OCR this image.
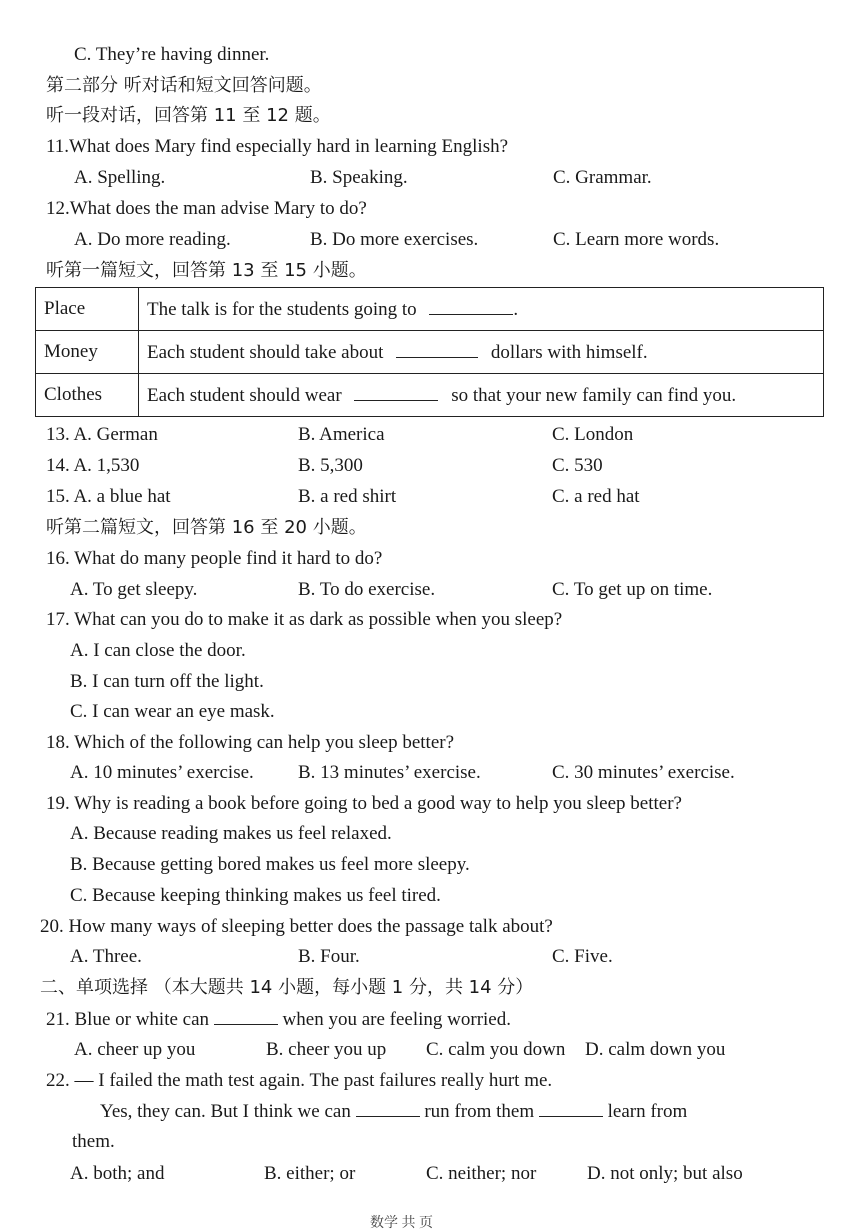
C. They’re having dinner.
第二部分 听对话和短文回答问题。
听一段对话，回答第 11 至 12 题。
11.What does Mary find especially hard in learning English?
A. Spelling.	B. Speaking.	C. Grammar.
12.What does the man advise Mary to do?
A. Do more reading.	B. Do more exercises.	C. Learn more words.
听第一篇短文，回答第 13 至 15 小题。
Place	The talk is for the students going to .
Money	Each student should take about dollars with himself.
Clothes	Each student should wear so that your new family can find you.
13. A. German	B. America	C. London
14. A. 1,530	B. 5,300	C. 530
15. A. a blue hat	B. a red shirt	C. a red hat
听第二篇短文，回答第 16 至 20 小题。
16. What do many people find it hard to do?
A. To get sleepy.	B. To do exercise.	C. To get up on time.
17. What can you do to make it as dark as possible when you sleep?
A. I can close the door.
B. I can turn off the light.
C. I can wear an eye mask.
18. Which of the following can help you sleep better?
A. 10 minutes’ exercise. B. 13 minutes’ exercise.	C. 30 minutes’ exercise.
19. Why is reading a book before going to bed a good way to help you sleep better?
A. Because reading makes us feel relaxed.
B. Because getting bored makes us feel more sleepy.
C. Because keeping thinking makes us feel tired.
20. How many ways of sleeping better does the passage talk about?
A. Three.	B. Four.	C. Five.
二、单项选择 （本大题共 14 小题，每小题 1 分，共 14 分）
21. Blue or white can	when you are feeling worried.
A. cheer up you	B. cheer you up C. calm you down D. calm down you
22. — I failed the math test again. The past failures really hurt me.
Yes, they can. But I think we can	run from them	learn from
them.
A. both; and	B. either; or	C. neither; nor	D. not only; but also
数学 共 页
